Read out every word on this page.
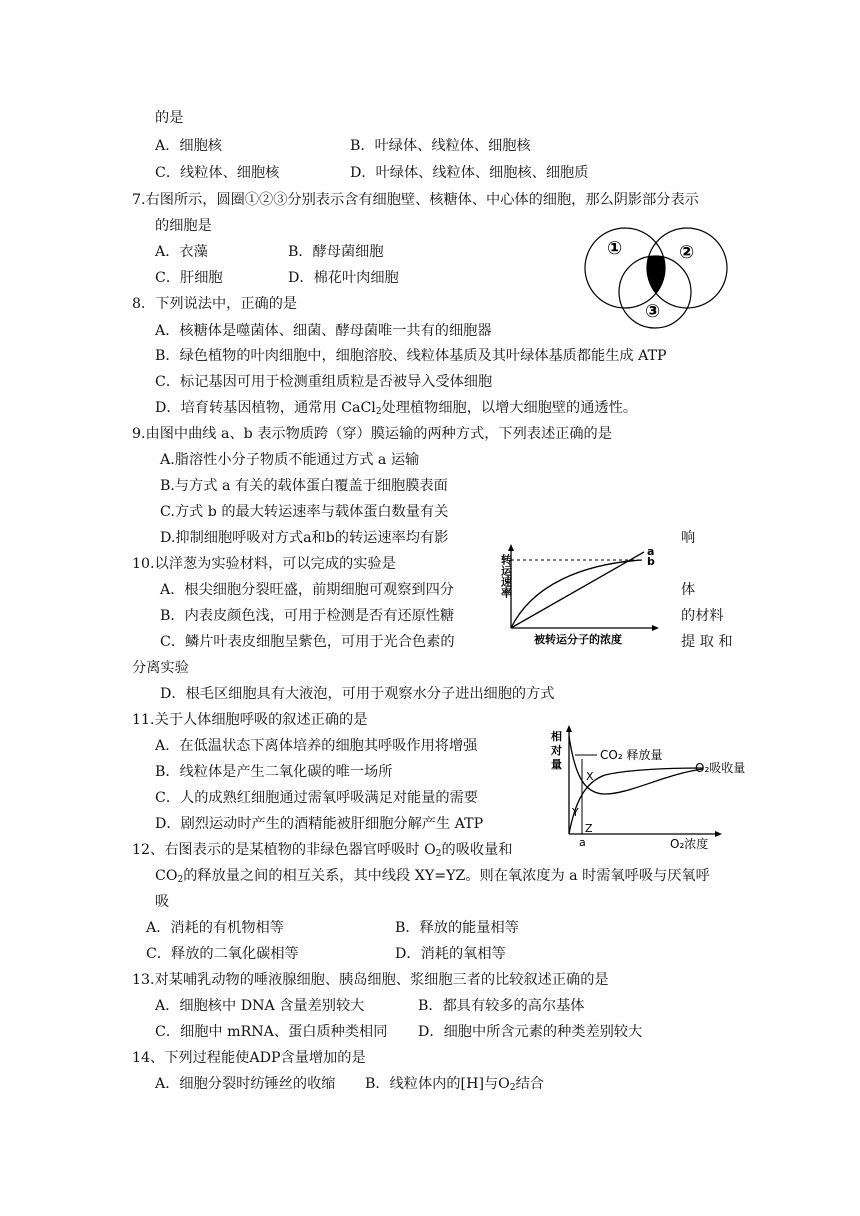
的是
A．细胞核	B．叶绿体、线粒体、细胞核
C．线粒体、细胞核	D．叶绿体、线粒体、细胞核、细胞质
7.右图所示，圆圈①②③分别表示含有细胞壁、核糖体、中心体的细胞，那么阴影部分表示
的细胞是
A．衣藻	B．酵母菌细胞
C．肝细胞	D．棉花叶肉细胞
①	②
③
8．下列说法中，正确的是
A．核糖体是噬菌体、细菌、酵母菌唯一共有的细胞器
B．绿色植物的叶肉细胞中，细胞溶胶、线粒体基质及其叶绿体基质都能生成 ATP
C．标记基因可用于检测重组质粒是否被导入受体细胞
D．培育转基因植物，通常用 CaCl$_2$处理植物细胞，以增大细胞壁的通透性。
9.由图中曲线 a、b 表示物质跨（穿）膜运输的两种方式，下列表述正确的是
A.脂溶性小分子物质不能通过方式 a 运输
B.与方式 a 有关的载体蛋白覆盖于细胞膜表面
C.方式 b 的最大转运速率与载体蛋白数量有关
D.抑制细胞呼吸对方式a和b的转运速率均有影	响
转运速率
a
b
被转运分子的浓度
10.以洋葱为实验材料，可以完成的实验是
A．根尖细胞分裂旺盛，前期细胞可观察到四分	体
B．内表皮颜色浅，可用于检测是否有还原性糖	的材料
C．鳞片叶表皮细胞呈紫色，可用于光合色素的	提 取 和
分离实验
D．根毛区细胞具有大液泡，可用于观察水分子进出细胞的方式
11.关于人体细胞呼吸的叙述正确的是
A．在低温状态下离体培养的细胞其呼吸作用将增强
B．线粒体是产生二氧化碳的唯一场所
C．人的成熟红细胞通过需氧呼吸满足对能量的需要
D．剧烈运动时产生的酒精能被肝细胞分解产生 ATP
相
对
量
CO₂ 释放量
O₂吸收量
X
Y
Z
a	O₂浓度
12、右图表示的是某植物的非绿色器官呼吸时 $O_2$的吸收量和
$CO_2$的释放量之间的相互关系，其中线段 XY=YZ。则在氧浓度为 a 时需氧呼吸与厌氧呼
吸
A．消耗的有机物相等	B．释放的能量相等
C．释放的二氧化碳相等	D．消耗的氧相等
13.对某哺乳动物的唾液腺细胞、胰岛细胞、浆细胞三者的比较叙述正确的是
A．细胞核中 DNA 含量差别较大	B．都具有较多的高尔基体
C．细胞中 mRNA、蛋白质种类相同 D．细胞中所含元素的种类差别较大
14、下列过程能使ADP含量增加的是
A．细胞分裂时纺锤丝的收缩 B．线粒体内的[H]与$O_2$结合
